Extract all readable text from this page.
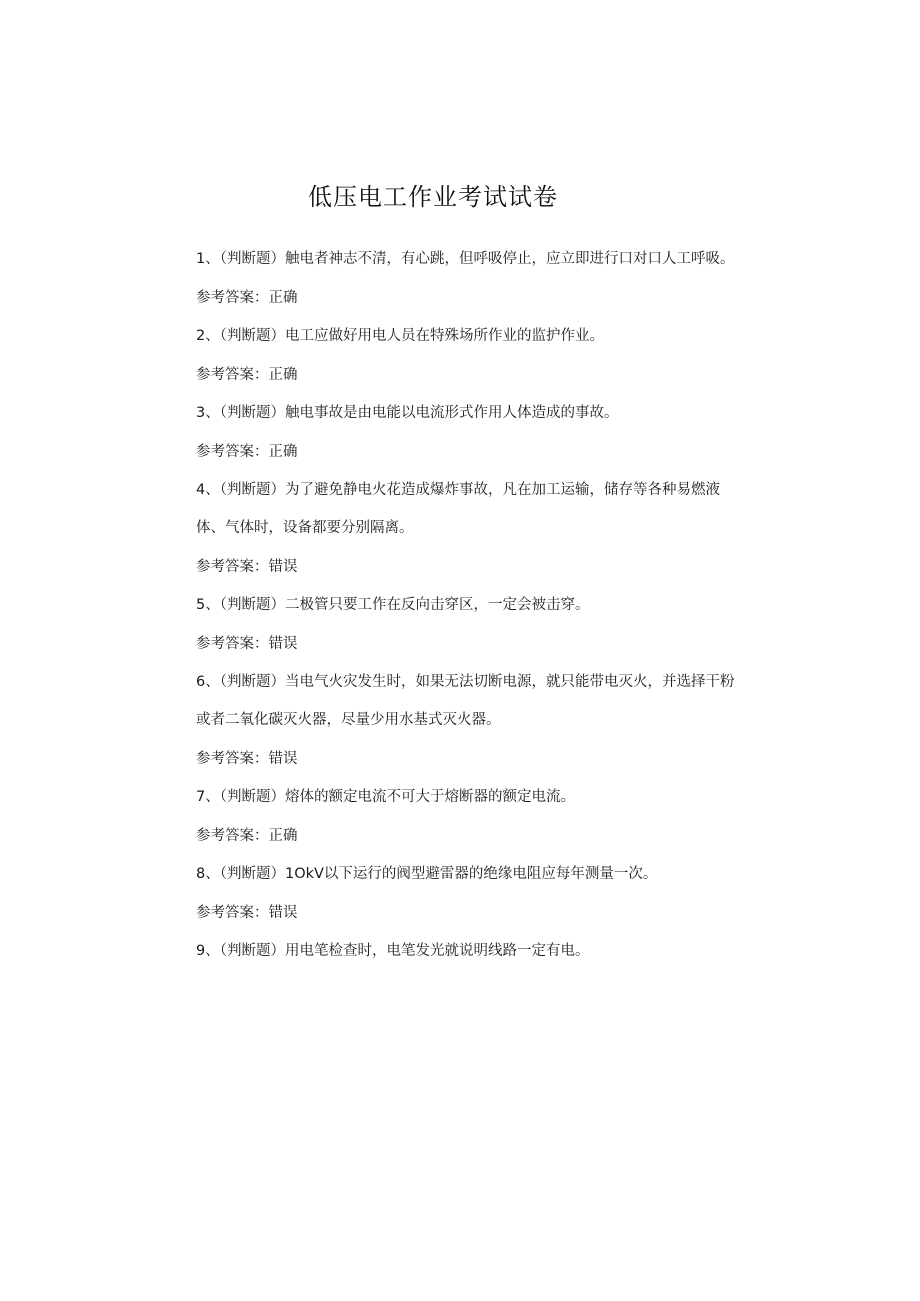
低压电工作业考试试卷

1、（判断题）触电者神志不清，有心跳，但呼吸停止，应立即进行口对口人工呼吸。

参考答案：正确

2、（判断题）电工应做好用电人员在特殊场所作业的监护作业。

参考答案：正确

3、（判断题）触电事故是由电能以电流形式作用人体造成的事故。

参考答案：正确

4、（判断题）为了避免静电火花造成爆炸事故，凡在加工运输，储存等各种易燃液体、气体时，设备都要分别隔离。

参考答案：错误

5、（判断题）二极管只要工作在反向击穿区，一定会被击穿。

参考答案：错误

6、（判断题）当电气火灾发生时，如果无法切断电源，就只能带电灭火，并选择干粉或者二氧化碳灭火器，尽量少用水基式灭火器。

参考答案：错误

7、（判断题）熔体的额定电流不可大于熔断器的额定电流。

参考答案：正确

8、（判断题）1OkV以下运行的阀型避雷器的绝缘电阻应每年测量一次。

参考答案：错误

9、（判断题）用电笔检查时，电笔发光就说明线路一定有电。
